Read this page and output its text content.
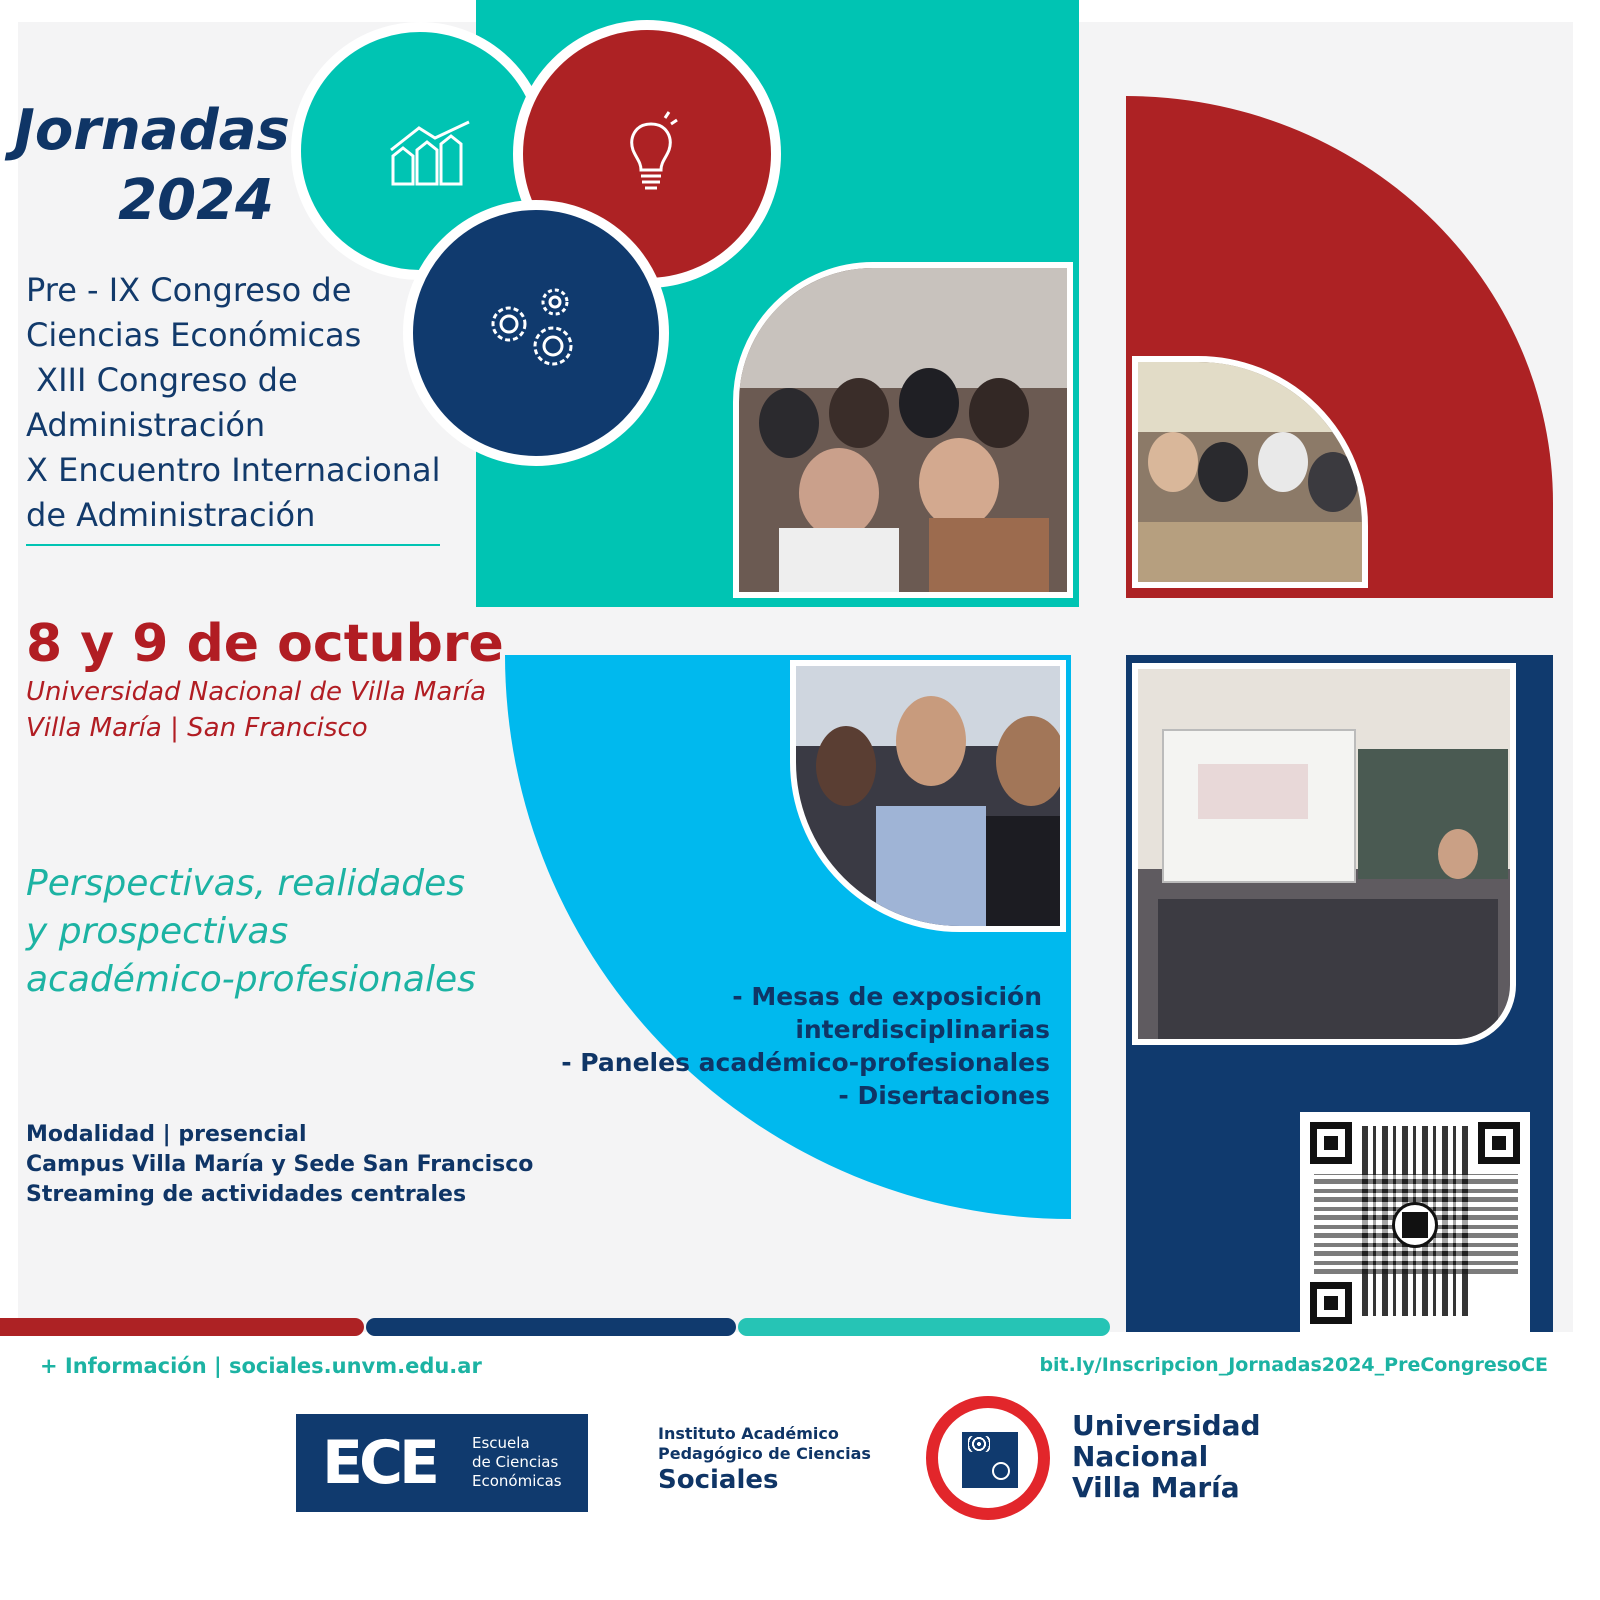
Jornadas
2024
Pre - IX Congreso de
Ciencias Económicas
XIII Congreso de
Administración
X Encuentro Internacional
de Administración
8 y 9 de octubre
Universidad Nacional de Villa María
Villa María | San Francisco
Perspectivas, realidades
y prospectivas
académico-profesionales
Modalidad | presencial
Campus Villa María y Sede San Francisco
Streaming de actividades centrales
- Mesas de exposición
interdisciplinarias
- Paneles académico-profesionales
- Disertaciones
+ Información | sociales.unvm.edu.ar	bit.ly/Inscripcion_Jornadas2024_PreCongresoCE
ECE Escuela
de Ciencias
Económicas
Instituto Académico
Pedagógico de Ciencias
Sociales
Universidad
Nacional
Villa María
